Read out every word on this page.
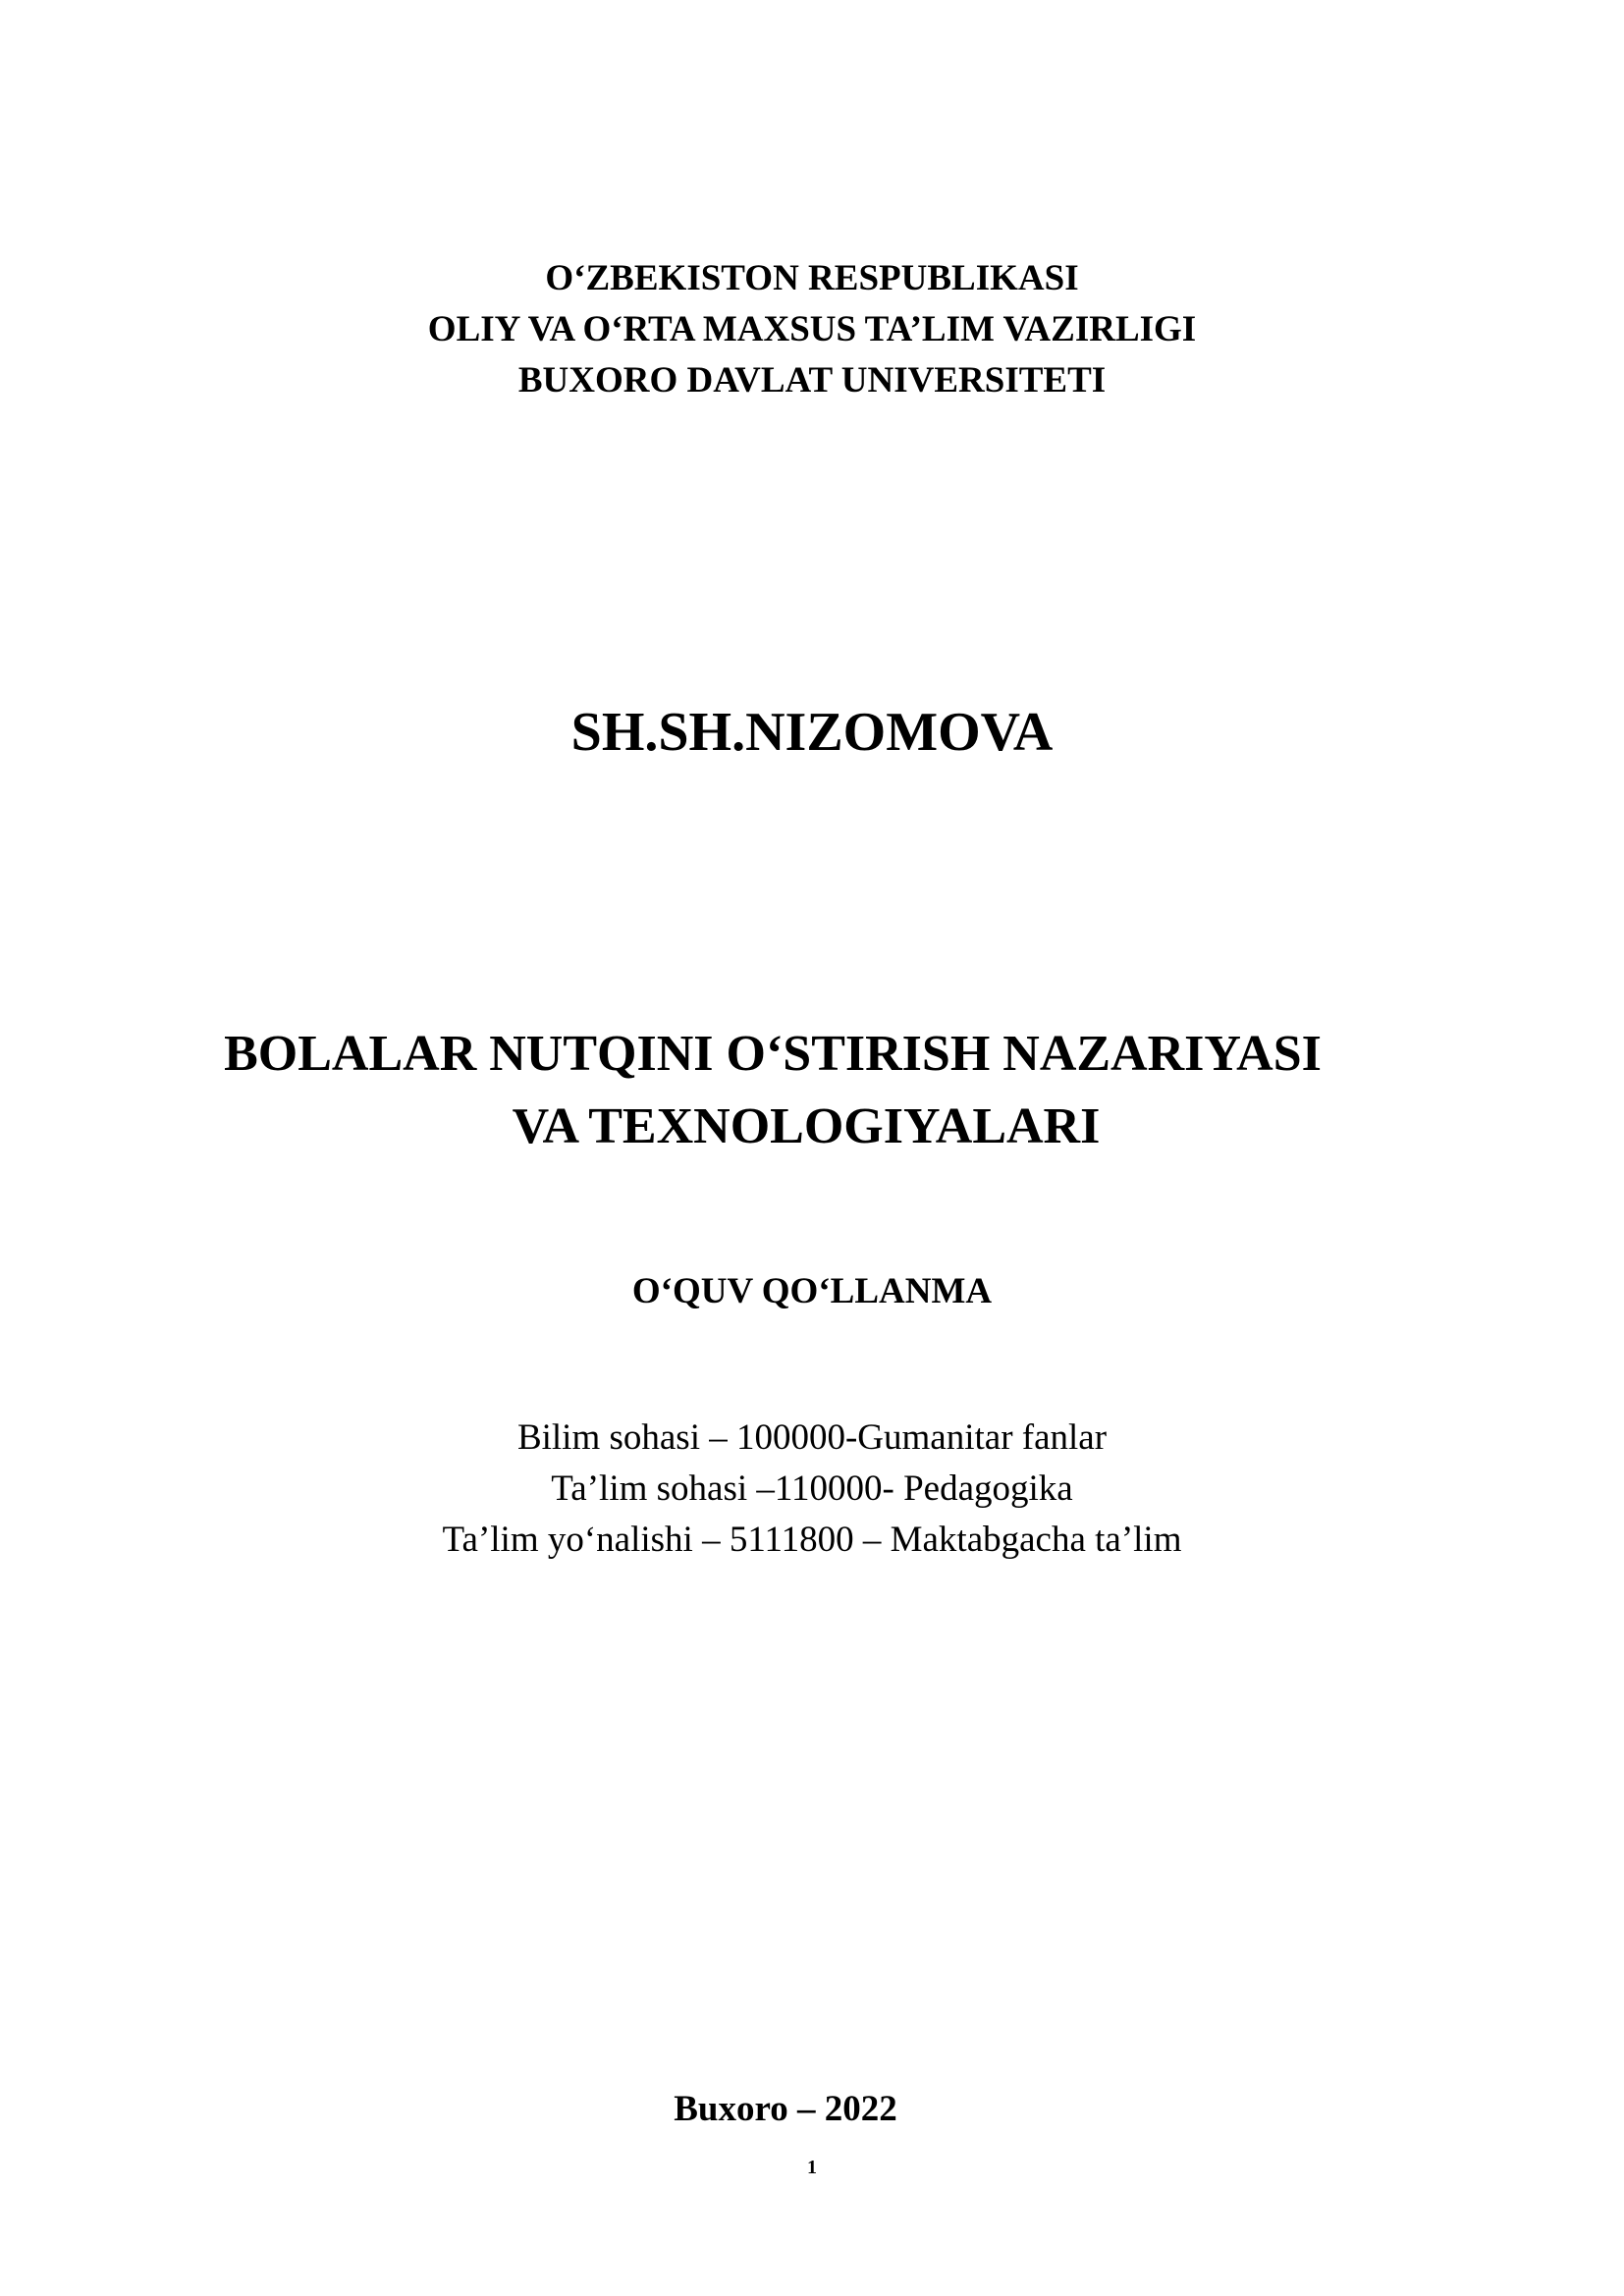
O‘ZBEKISTON RESPUBLIKASI
OLIY VA O‘RTA MAXSUS TA’LIM VAZIRLIGI
BUXORO DAVLAT UNIVERSITETI
SH.SH.NIZOMOVA
BOLALAR NUTQINI O‘STIRISH NAZARIYASI
VA TEXNOLOGIYALARI
O‘QUV QO‘LLANMA
Bilim sohasi – 100000-Gumanitar fanlar
Ta’lim sohasi –110000- Pedagogika
Ta’lim yo‘nalishi – 5111800 – Maktabgacha ta’lim
Buxoro – 2022
1
